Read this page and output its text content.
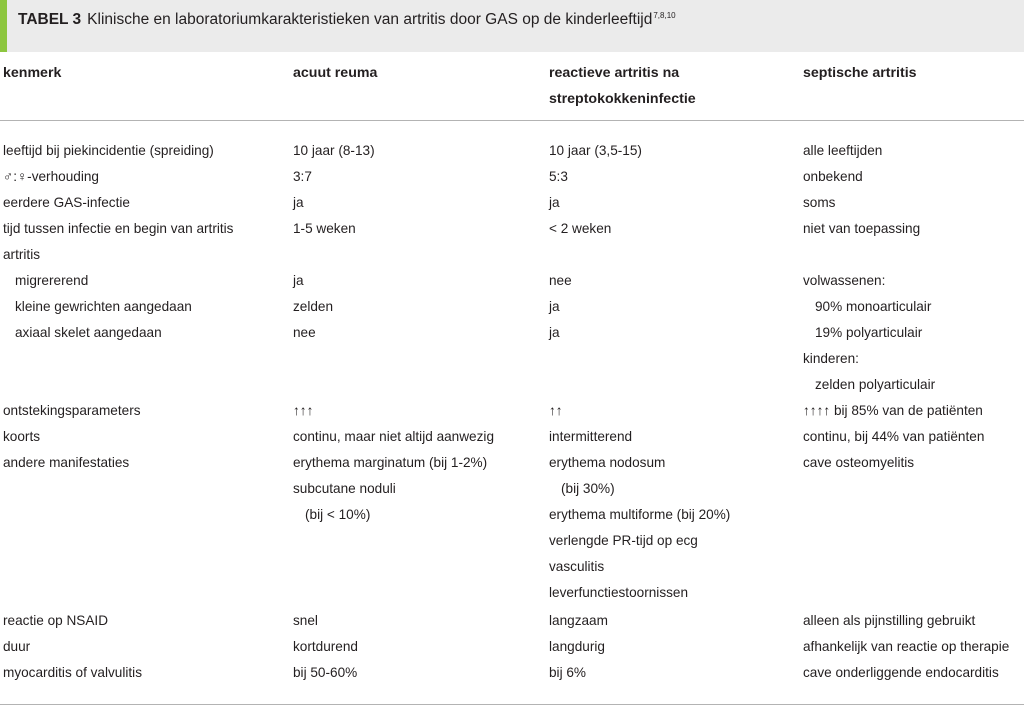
TABEL 3 Klinische en laboratoriumkarakteristieken van artritis door GAS op de kinderleeftijd$^{7,8,10}$
kenmerk	acuut reuma	reactieve artritis na
streptokokkeninfectie
septische artritis
leeftijd bij piekincidentie (spreiding)
♂:♀-verhouding
eerdere GAS-infectie
tijd tussen infectie en begin van artritis
artritis
migrererend
kleine gewrichten aangedaan
axiaal skelet aangedaan
ontstekingsparameters
koorts
andere manifestaties
reactie op NSAID
duur
myocarditis of valvulitis
10 jaar (8-13)
3:7
ja
1-5 weken
ja
zelden
nee
↑↑↑
continu, maar niet altijd aanwezig
erythema marginatum (bij 1-2%)
subcutane noduli
(bij < 10%)
snel
kortdurend
bij 50-60%
10 jaar (3,5-15)
5:3
ja
< 2 weken
nee
ja
ja
↑↑
intermitterend
erythema nodosum
(bij 30%)
erythema multiforme (bij 20%)
verlengde PR-tijd op ecg
vasculitis
leverfunctiestoornissen
langzaam
langdurig
bij 6%
alle leeftijden
onbekend
soms
niet van toepassing
volwassenen:
90% monoarticulair
19% polyarticulair
kinderen:
zelden polyarticulair
↑↑↑↑ bij 85% van de patiënten
continu, bij 44% van patiënten
cave osteomyelitis
alleen als pijnstilling gebruikt
afhankelijk van reactie op therapie
cave onderliggende endocarditis
